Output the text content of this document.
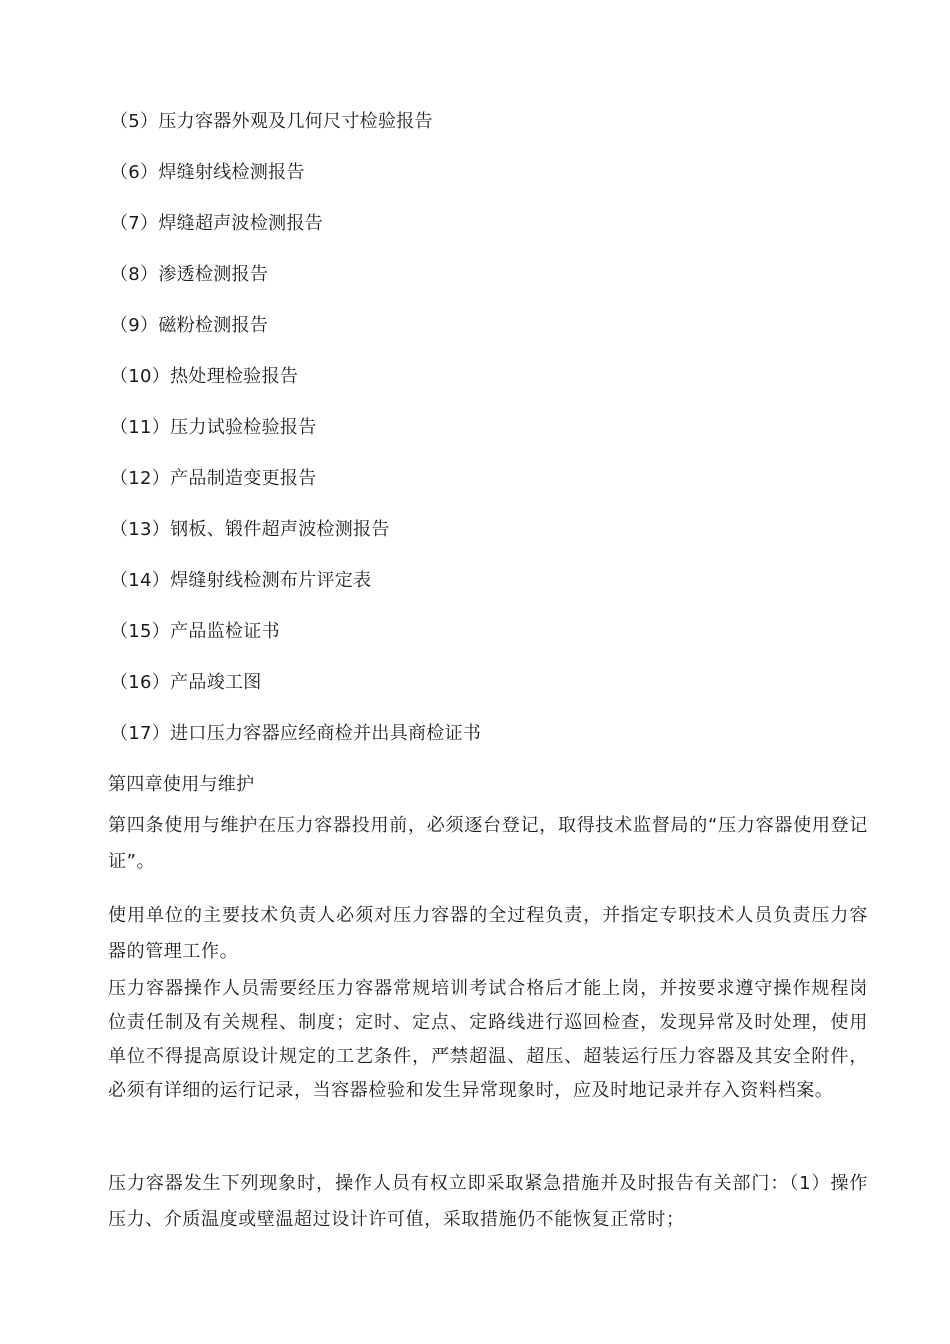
（5）压力容器外观及几何尺寸检验报告
（6）焊缝射线检测报告
（7）焊缝超声波检测报告
（8）渗透检测报告
（9）磁粉检测报告
（10）热处理检验报告
（11）压力试验检验报告
（12）产品制造变更报告
（13）钢板、锻件超声波检测报告
（14）焊缝射线检测布片评定表
（15）产品监检证书
（16）产品竣工图
（17）进口压力容器应经商检并出具商检证书
第四章使用与维护
第四条使用与维护在压力容器投用前，必须逐台登记，取得技术监督局的“压力容器使用登记证”。
使用单位的主要技术负责人必须对压力容器的全过程负责，并指定专职技术人员负责压力容器的管理工作。
压力容器操作人员需要经压力容器常规培训考试合格后才能上岗，并按要求遵守操作规程岗位责任制及有关规程、制度；定时、定点、定路线进行巡回检查，发现异常及时处理，使用单位不得提高原设计规定的工艺条件，严禁超温、超压、超装运行压力容器及其安全附件，必须有详细的运行记录，当容器检验和发生异常现象时，应及时地记录并存入资料档案。
压力容器发生下列现象时，操作人员有权立即采取紧急措施并及时报告有关部门：（1）操作压力、介质温度或壁温超过设计许可值，采取措施仍不能恢复正常时；
